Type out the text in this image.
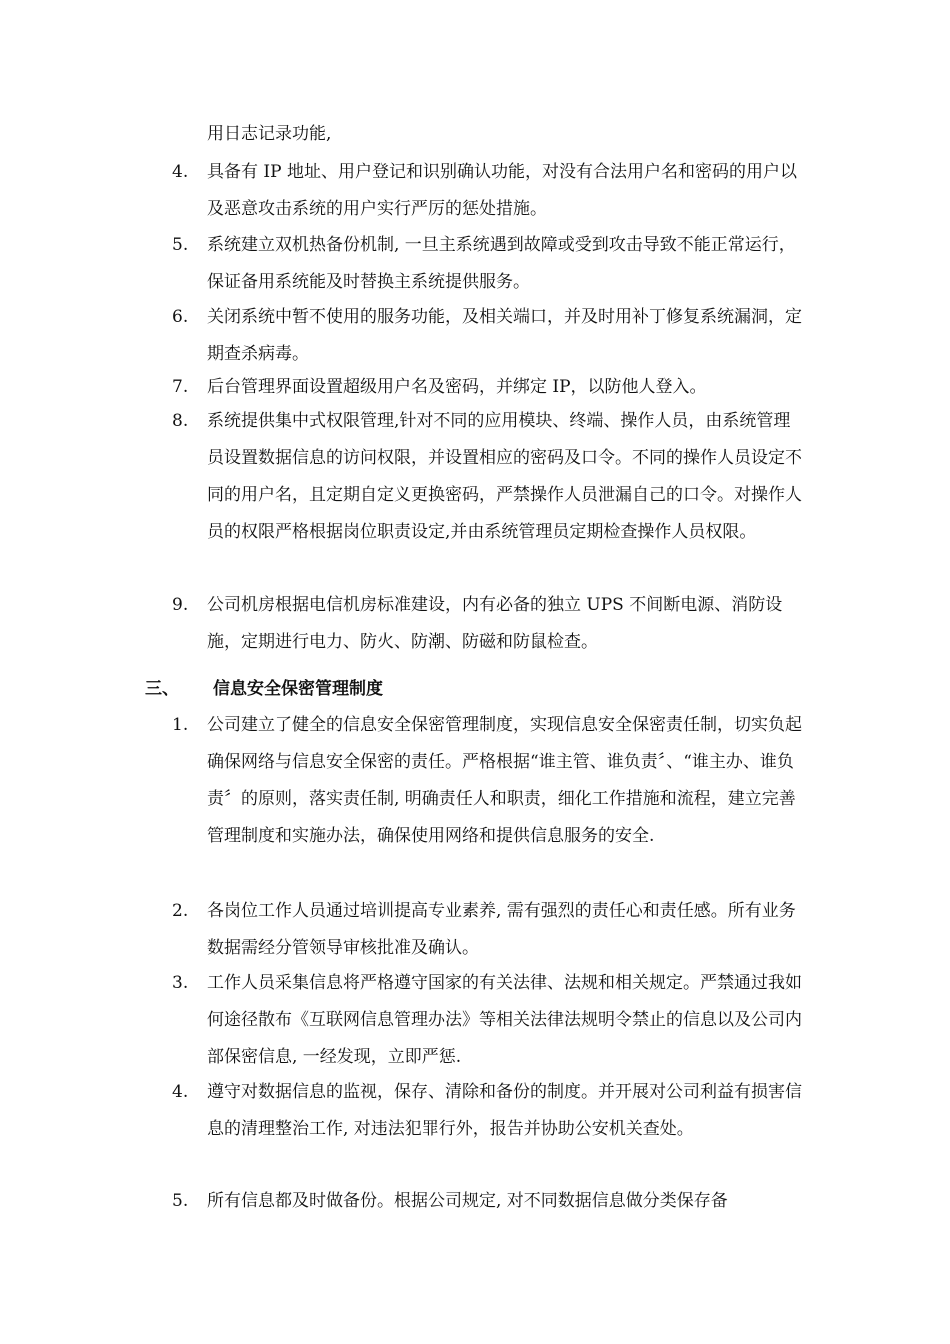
用日志记录功能,
4.	具备有 IP 地址、用户登记和识别确认功能，对没有合法用户名和密码的用户以及恶意攻击系统的用户实行严厉的惩处措施。
5.	系统建立双机热备份机制, 一旦主系统遇到故障或受到攻击导致不能正常运行，保证备用系统能及时替换主系统提供服务。
6.	关闭系统中暂不使用的服务功能，及相关端口，并及时用补丁修复系统漏洞，定期查杀病毒。
7.	后台管理界面设置超级用户名及密码，并绑定 IP，以防他人登入。
8.	系统提供集中式权限管理,针对不同的应用模块、终端、操作人员，由系统管理员设置数据信息的访问权限，并设置相应的密码及口令。不同的操作人员设定不同的用户名，且定期自定义更换密码，严禁操作人员泄漏自己的口令。对操作人员的权限严格根据岗位职责设定,并由系统管理员定期检查操作人员权限。
9.	公司机房根据电信机房标准建设，内有必备的独立 UPS 不间断电源、消防设施，定期进行电力、防火、防潮、防磁和防鼠检查。
三、	信息安全保密管理制度
1.	公司建立了健全的信息安全保密管理制度，实现信息安全保密责任制，切实负起确保网络与信息安全保密的责任。严格根据“谁主管、谁负责〞、“谁主办、谁负责〞的原则，落实责任制, 明确责任人和职责，细化工作措施和流程，建立完善管理制度和实施办法，确保使用网络和提供信息服务的安全.
2.	各岗位工作人员通过培训提高专业素养, 需有强烈的责任心和责任感。所有业务数据需经分管领导审核批准及确认。
3.	工作人员采集信息将严格遵守国家的有关法律、法规和相关规定。严禁通过我如何途径散布《互联网信息管理办法》等相关法律法规明令禁止的信息以及公司内部保密信息, 一经发现，立即严惩.
4.	遵守对数据信息的监视，保存、清除和备份的制度。并开展对公司利益有损害信息的清理整治工作, 对违法犯罪行外，报告并协助公安机关查处。
5.	所有信息都及时做备份。根据公司规定, 对不同数据信息做分类保存备
